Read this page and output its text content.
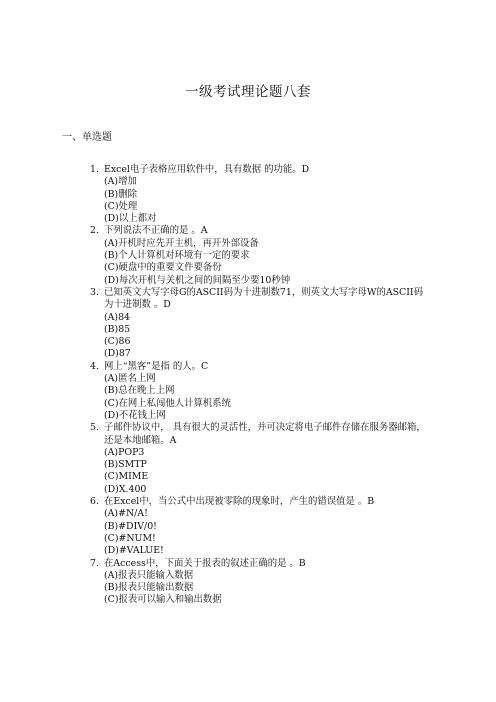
一级考试理论题八套
一、单选题
1. Excel电子表格应用软件中，具有数据 的功能。D
(A)增加
(B)删除
(C)处理
(D)以上都对
2. 下列说法不正确的是 。A
(A)开机时应先开主机，再开外部设备
(B)个人计算机对环境有一定的要求
(C)硬盘中的重要文件要备份
(D)每次开机与关机之间的间隔至少要10秒钟
3. 已知英文大写字母G的ASCII码为十进制数71，则英文大写字母W的ASCII码为十进制数 。D
(A)84
(B)85
(C)86
(D)87
4. 网上“黑客”是指 的人。C
(A)匿名上网
(B)总在晚上上网
(C)在网上私闯他人计算机系统
(D)不花钱上网
5. 子邮件协议中， 具有很大的灵活性，并可决定将电子邮件存储在服务器邮箱，还是本地邮箱。A
(A)POP3
(B)SMTP
(C)MIME
(D)X.400
6. 在Excel中，当公式中出现被零除的现象时，产生的错误值是 。B
(A)#N/A!
(B)#DIV/0!
(C)#NUM!
(D)#VALUE!
7. 在Access中，下面关于报表的叙述正确的是 。B
(A)报表只能输入数据
(B)报表只能输出数据
(C)报表可以输入和输出数据
